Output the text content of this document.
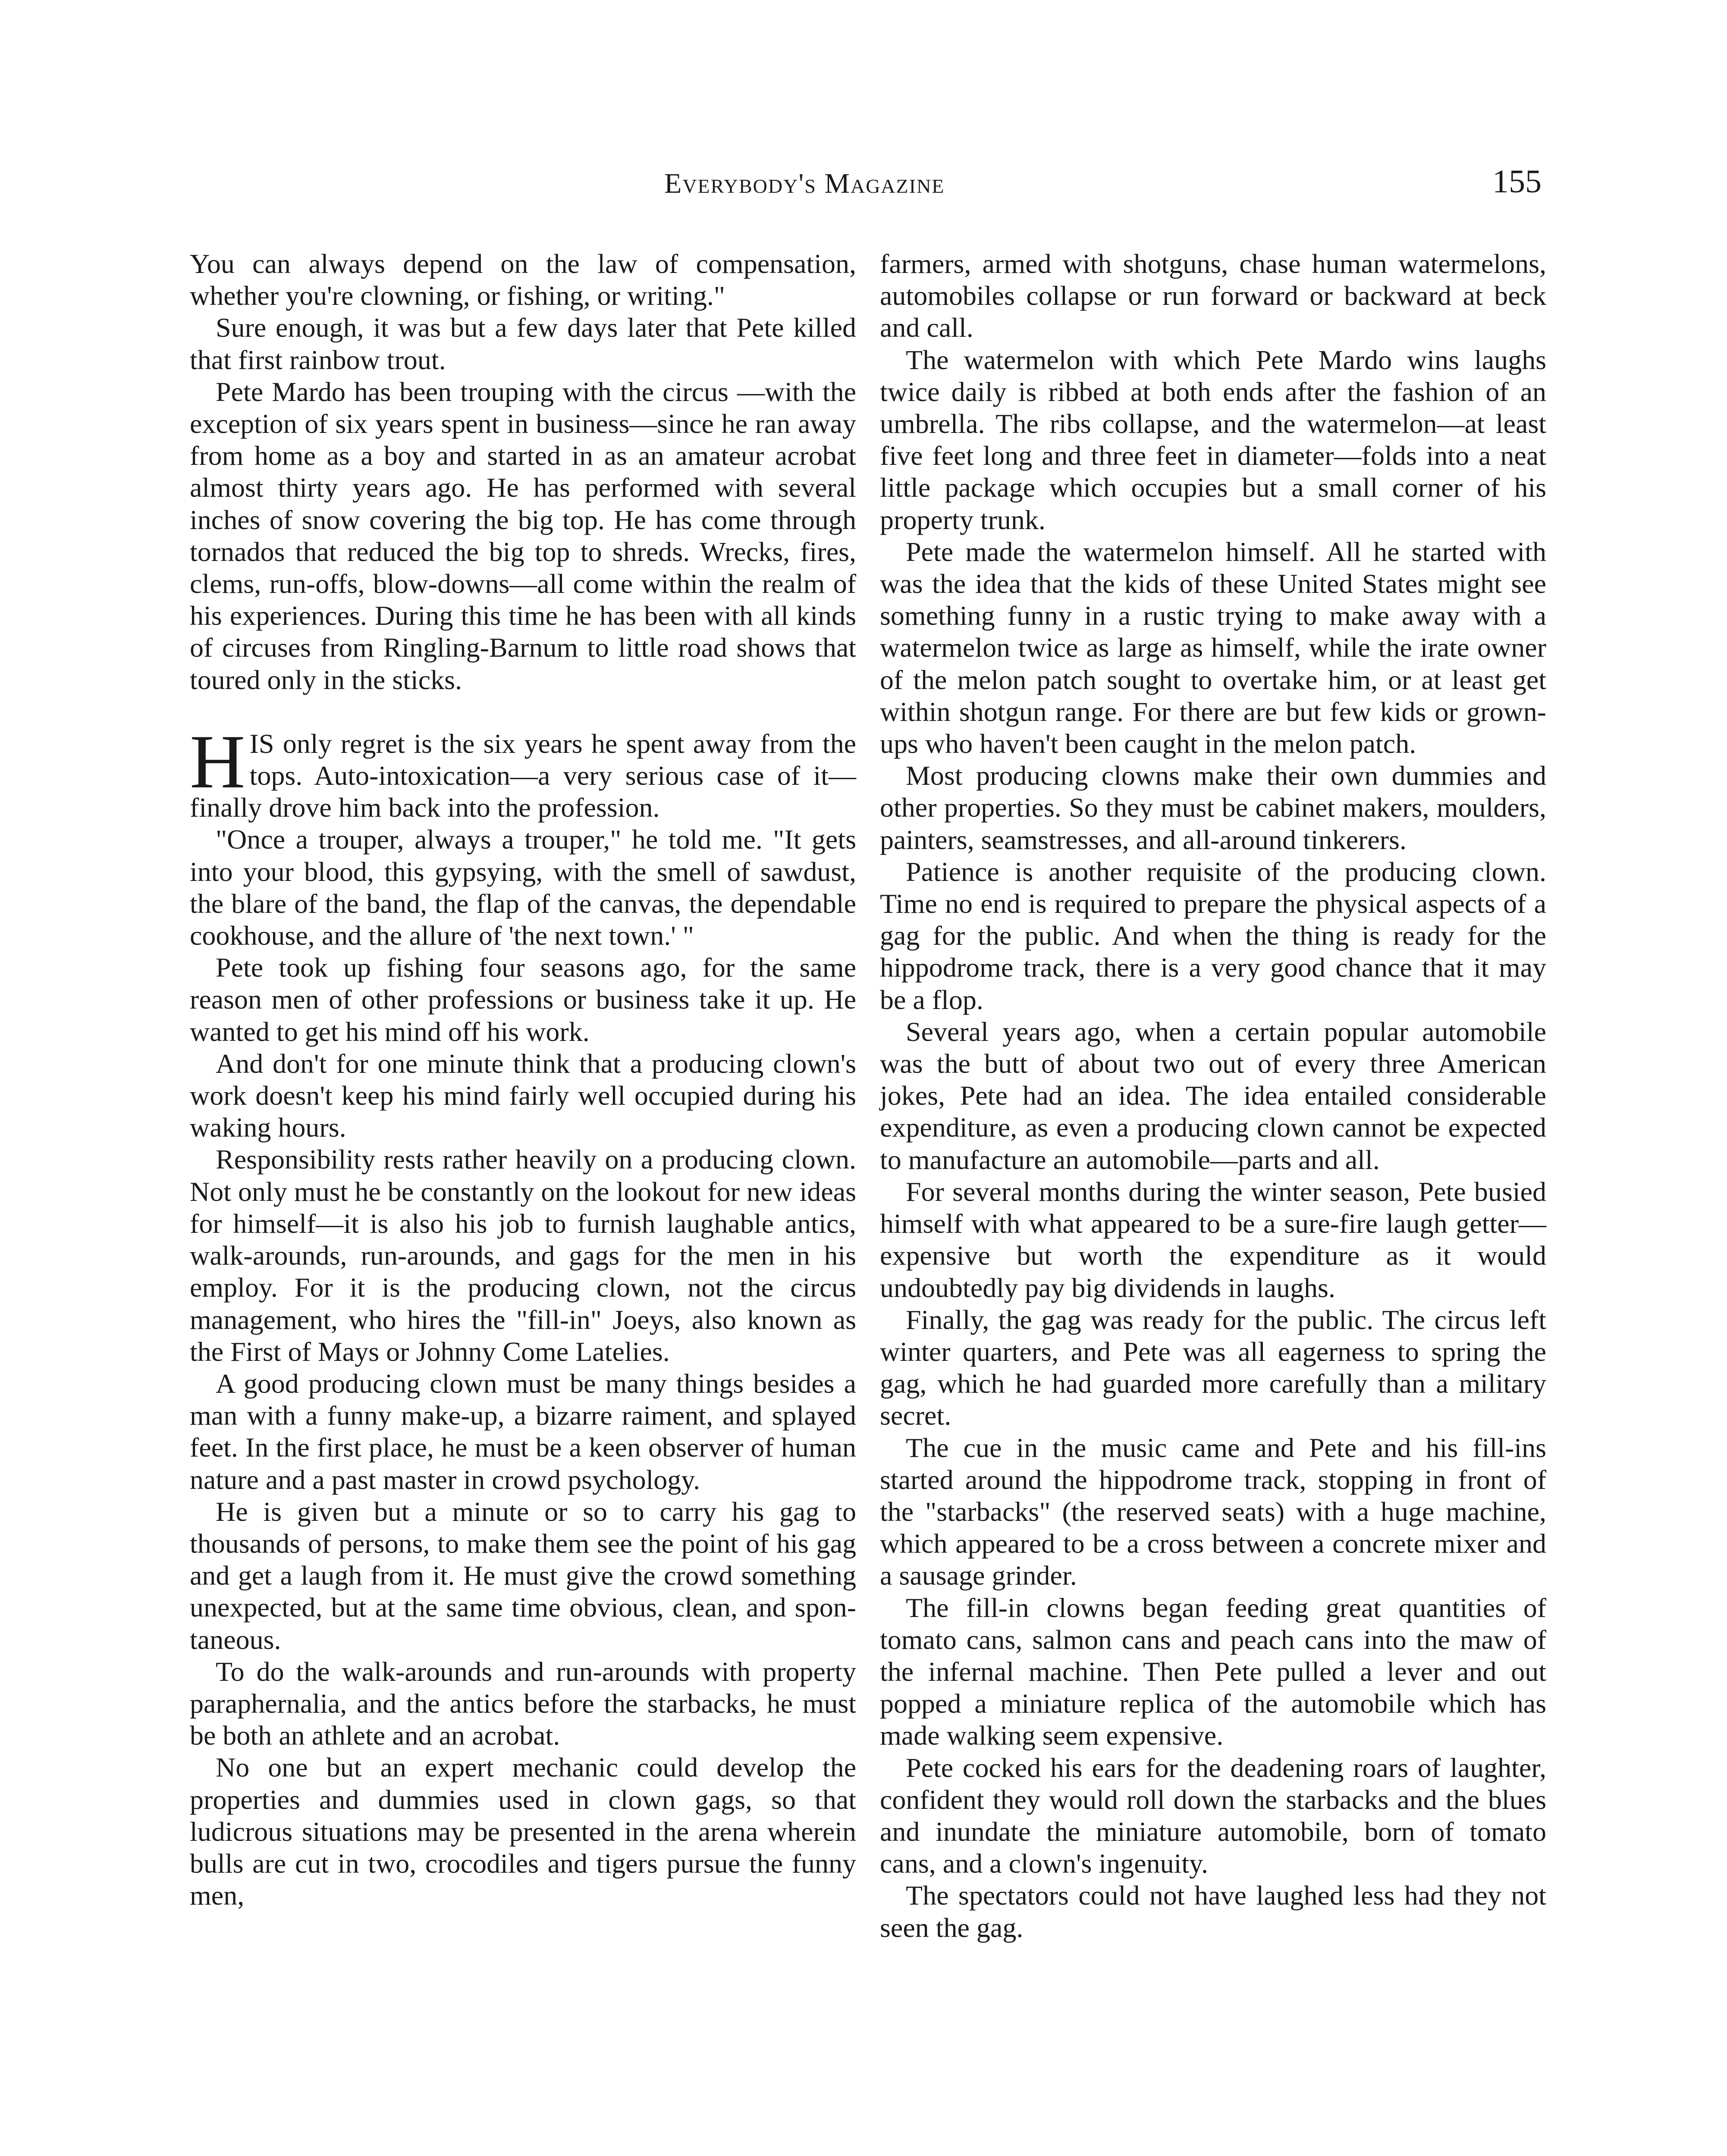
Everybody's Magazine	155

You can always depend on the law of compensation, whether you're clowning, or fishing, or writing."

Sure enough, it was but a few days later that Pete killed that first rainbow trout.

Pete Mardo has been trouping with the circus —with the exception of six years spent in business—since he ran away from home as a boy and started in as an amateur acrobat almost thirty years ago. He has performed with several inches of snow covering the big top. He has come through tornados that reduced the big top to shreds. Wrecks, fires, clems, run-offs, blow-downs—all come within the realm of his experiences. During this time he has been with all kinds of circuses from Ringling-Barnum to little road shows that toured only in the sticks.

HIS only regret is the six years he spent away from the tops. Auto-intoxication—a very serious case of it—finally drove him back into the profession.

"Once a trouper, always a trouper," he told me. "It gets into your blood, this gypsying, with the smell of sawdust, the blare of the band, the flap of the canvas, the dependable cookhouse, and the allure of 'the next town.' "

Pete took up fishing four seasons ago, for the same reason men of other professions or business take it up. He wanted to get his mind off his work.

And don't for one minute think that a producing clown's work doesn't keep his mind fairly well occupied during his waking hours.

Responsibility rests rather heavily on a producing clown. Not only must he be constantly on the lookout for new ideas for himself—it is also his job to furnish laughable antics, walk-arounds, run-arounds, and gags for the men in his employ. For it is the producing clown, not the circus management, who hires the "fill-in" Joeys, also known as the First of Mays or Johnny Come Latelies.

A good producing clown must be many things besides a man with a funny make-up, a bizarre raiment, and splayed feet. In the first place, he must be a keen observer of human nature and a past master in crowd psychology.

He is given but a minute or so to carry his gag to thousands of persons, to make them see the point of his gag and get a laugh from it. He must give the crowd something unexpected, but at the same time obvious, clean, and spontaneous.

To do the walk-arounds and run-arounds with property paraphernalia, and the antics before the starbacks, he must be both an athlete and an acrobat.

No one but an expert mechanic could develop the properties and dummies used in clown gags, so that ludicrous situations may be presented in the arena wherein bulls are cut in two, crocodiles and tigers pursue the funny men,

farmers, armed with shotguns, chase human watermelons, automobiles collapse or run forward or backward at beck and call.

The watermelon with which Pete Mardo wins laughs twice daily is ribbed at both ends after the fashion of an umbrella. The ribs collapse, and the watermelon—at least five feet long and three feet in diameter—folds into a neat little package which occupies but a small corner of his property trunk.

Pete made the watermelon himself. All he started with was the idea that the kids of these United States might see something funny in a rustic trying to make away with a watermelon twice as large as himself, while the irate owner of the melon patch sought to overtake him, or at least get within shotgun range. For there are but few kids or grown-ups who haven't been caught in the melon patch.

Most producing clowns make their own dummies and other properties. So they must be cabinet makers, moulders, painters, seamstresses, and all-around tinkerers.

Patience is another requisite of the producing clown. Time no end is required to prepare the physical aspects of a gag for the public. And when the thing is ready for the hippodrome track, there is a very good chance that it may be a flop.

Several years ago, when a certain popular automobile was the butt of about two out of every three American jokes, Pete had an idea. The idea entailed considerable expenditure, as even a producing clown cannot be expected to manufacture an automobile—parts and all.

For several months during the winter season, Pete busied himself with what appeared to be a sure-fire laugh getter—expensive but worth the expenditure as it would undoubtedly pay big dividends in laughs.

Finally, the gag was ready for the public. The circus left winter quarters, and Pete was all eagerness to spring the gag, which he had guarded more carefully than a military secret.

The cue in the music came and Pete and his fill-ins started around the hippodrome track, stopping in front of the "starbacks" (the reserved seats) with a huge machine, which appeared to be a cross between a concrete mixer and a sausage grinder.

The fill-in clowns began feeding great quantities of tomato cans, salmon cans and peach cans into the maw of the infernal machine. Then Pete pulled a lever and out popped a miniature replica of the automobile which has made walking seem expensive.

Pete cocked his ears for the deadening roars of laughter, confident they would roll down the starbacks and the blues and inundate the miniature automobile, born of tomato cans, and a clown's ingenuity.

The spectators could not have laughed less had they not seen the gag.
